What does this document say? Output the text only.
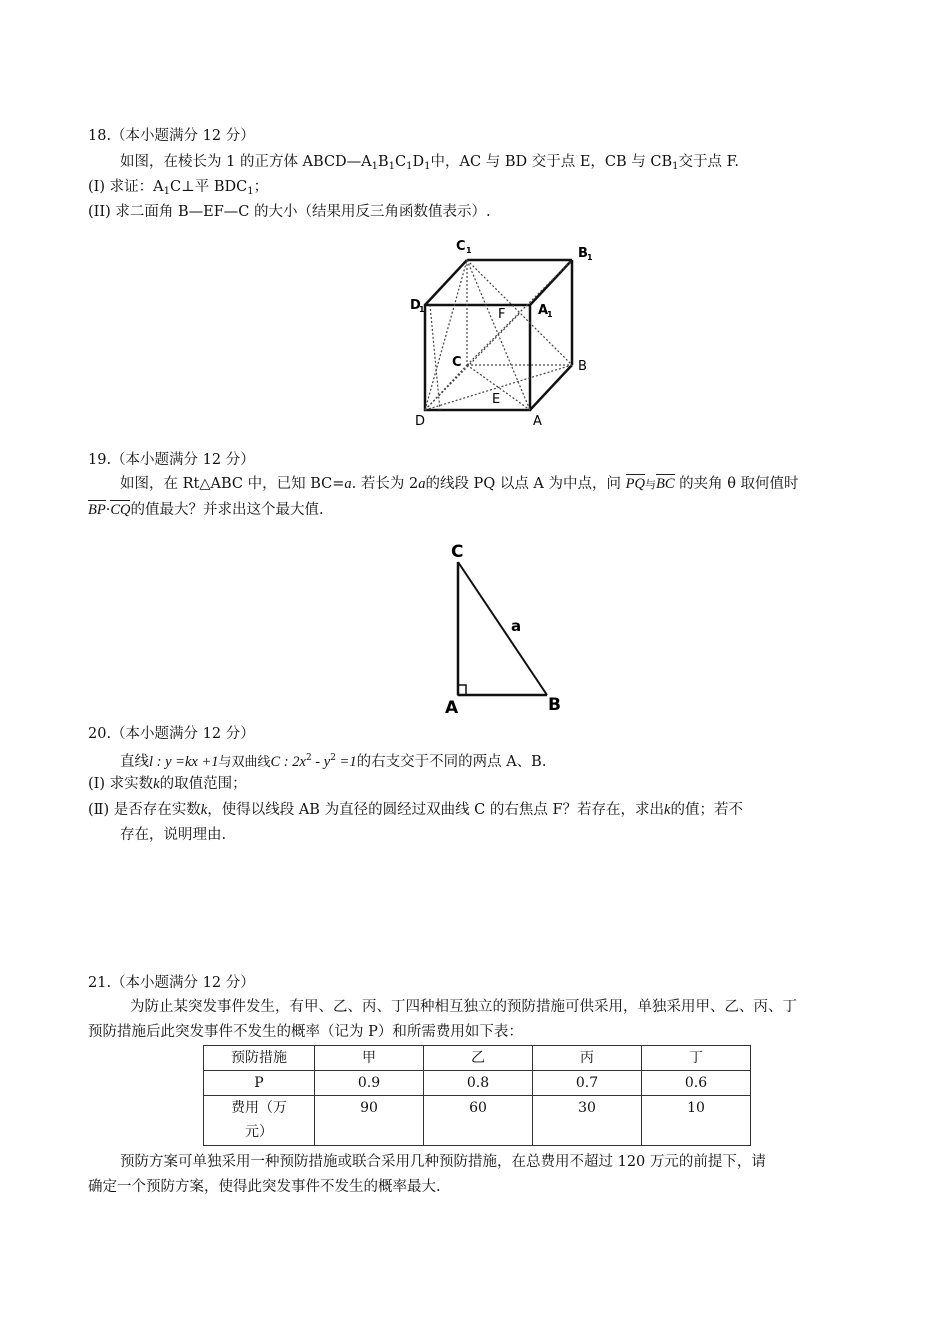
18.（本小题满分 12 分）
如图，在棱长为 1 的正方体 $ABCD—A_1B_1C_1D_1$中，AC 与 BD 交于点 E，CB 与 $CB_1$交于点 F.
(I) 求证：$A_1C\perp$平 $BDC_1$；
(II) 求二面角 B—EF—C 的大小（结果用反三角函数值表示）.
C 1	B 1
D
1	F	A
1
C	B
E
D	A
19.（本小题满分 12 分）
如图，在 Rt△ABC 中，已知 BC=a. 若长为 2a的线段 PQ 以点 A 为中点，问 PQ与BC 的夹角 θ 取何值时
BP·CQ的值最大？并求出这个最大值.
C
a
A	B
20.（本小题满分 12 分）
直线l : y =kx +1与双曲线C : $2x^2 - y^2 =1$的右支交于不同的两点 A、B.
(Ⅰ) 求实数k的取值范围；
(Ⅱ) 是否存在实数k，使得以线段 AB 为直径的圆经过双曲线 C 的右焦点 F？若存在，求出k的值；若不
存在，说明理由.
21.（本小题满分 12 分）
为防止某突发事件发生，有甲、乙、丙、丁四种相互独立的预防措施可供采用，单独采用甲、乙、丙、丁
预防措施后此突发事件不发生的概率（记为 P）和所需费用如下表：
预防措施	甲	乙	丙	丁
P	0.9	0.8	0.7	0.6

费用（万
元）	90	60	30	10
预防方案可单独采用一种预防措施或联合采用几种预防措施，在总费用不超过 120 万元的前提下，请
确定一个预防方案，使得此突发事件不发生的概率最大.
